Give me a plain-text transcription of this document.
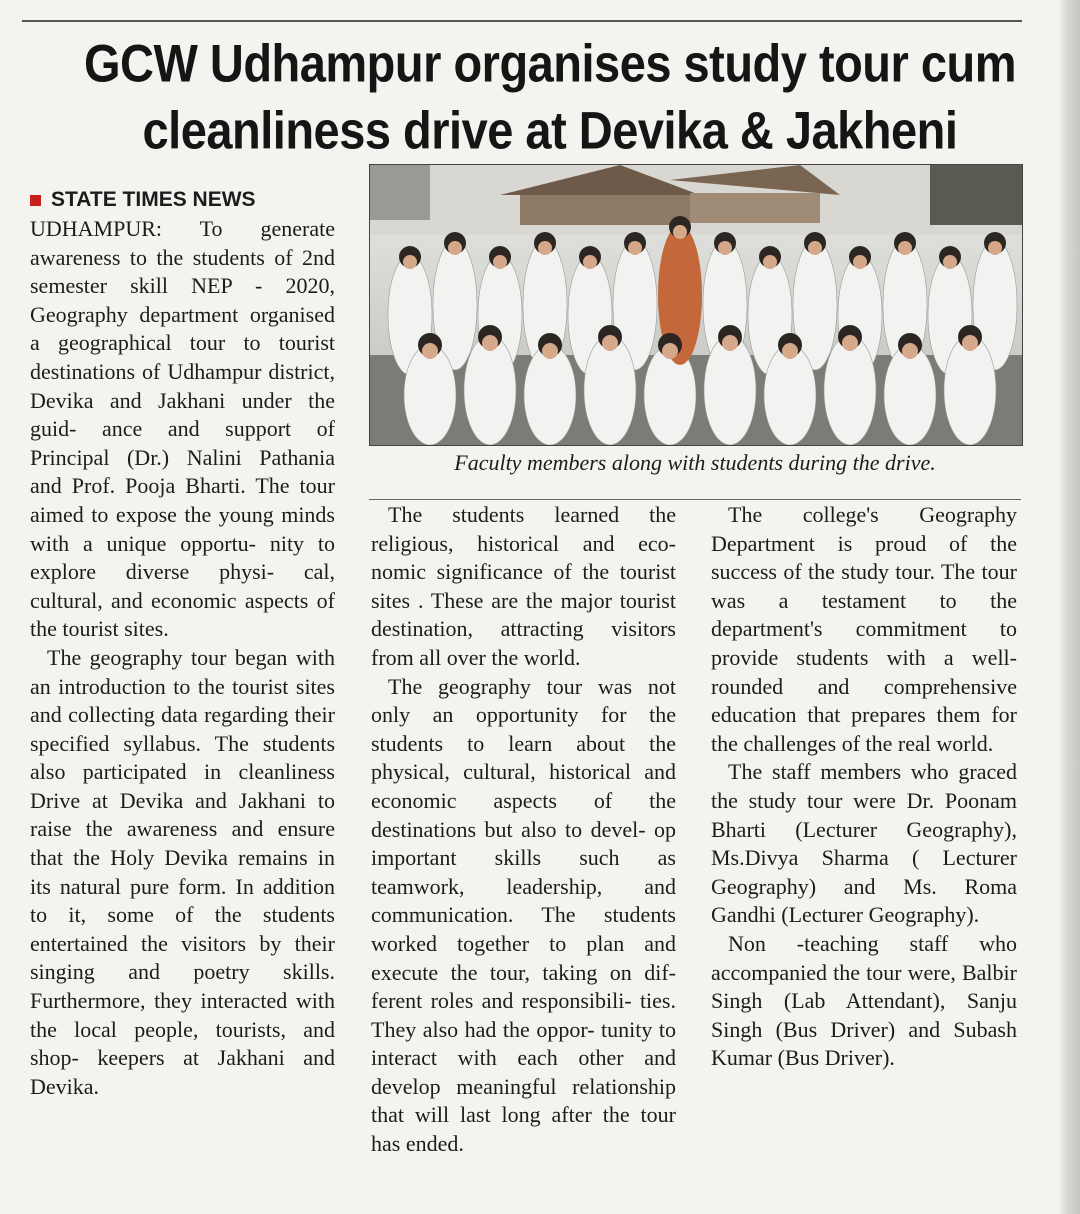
GCW Udhampur organises study tour cum
cleanliness drive at Devika & Jakheni
STATE TIMES NEWS

UDHAMPUR: To generate awareness to the students of 2nd semester skill NEP - 2020, Geography department organised a geographical tour to tourist destinations of Udhampur district, Devika and Jakhani under the guid- ance and support of Principal (Dr.) Nalini Pathania and Prof. Pooja Bharti. The tour aimed to expose the young minds with a unique opportu- nity to explore diverse physi- cal, cultural, and economic aspects of the tourist sites.

The geography tour began with an introduction to the tourist sites and collecting data regarding their specified syllabus. The students also participated in cleanliness Drive at Devika and Jakhani to raise the awareness and ensure that the Holy Devika remains in its natural pure form. In addition to it, some of the students entertained the visitors by their singing and poetry skills. Furthermore, they interacted with the local people, tourists, and shop- keepers at Jakhani and Devika.

Faculty members along with students during the drive.

The students learned the religious, historical and eco- nomic significance of the tourist sites . These are the major tourist destination, attracting visitors from all over the world.

The geography tour was not only an opportunity for the students to learn about the physical, cultural, historical and economic aspects of the destinations but also to devel- op important skills such as teamwork, leadership, and communication. The students worked together to plan and execute the tour, taking on dif- ferent roles and responsibili- ties. They also had the oppor- tunity to interact with each other and develop meaningful relationship that will last long after the tour has ended.

The college's Geography Department is proud of the success of the study tour. The tour was a testament to the department's commitment to provide students with a well- rounded and comprehensive education that prepares them for the challenges of the real world.

The staff members who graced the study tour were Dr. Poonam Bharti (Lecturer Geography), Ms.Divya Sharma ( Lecturer Geography) and Ms. Roma Gandhi (Lecturer Geography).

Non -teaching staff who accompanied the tour were, Balbir Singh (Lab Attendant), Sanju Singh (Bus Driver) and Subash Kumar (Bus Driver).
